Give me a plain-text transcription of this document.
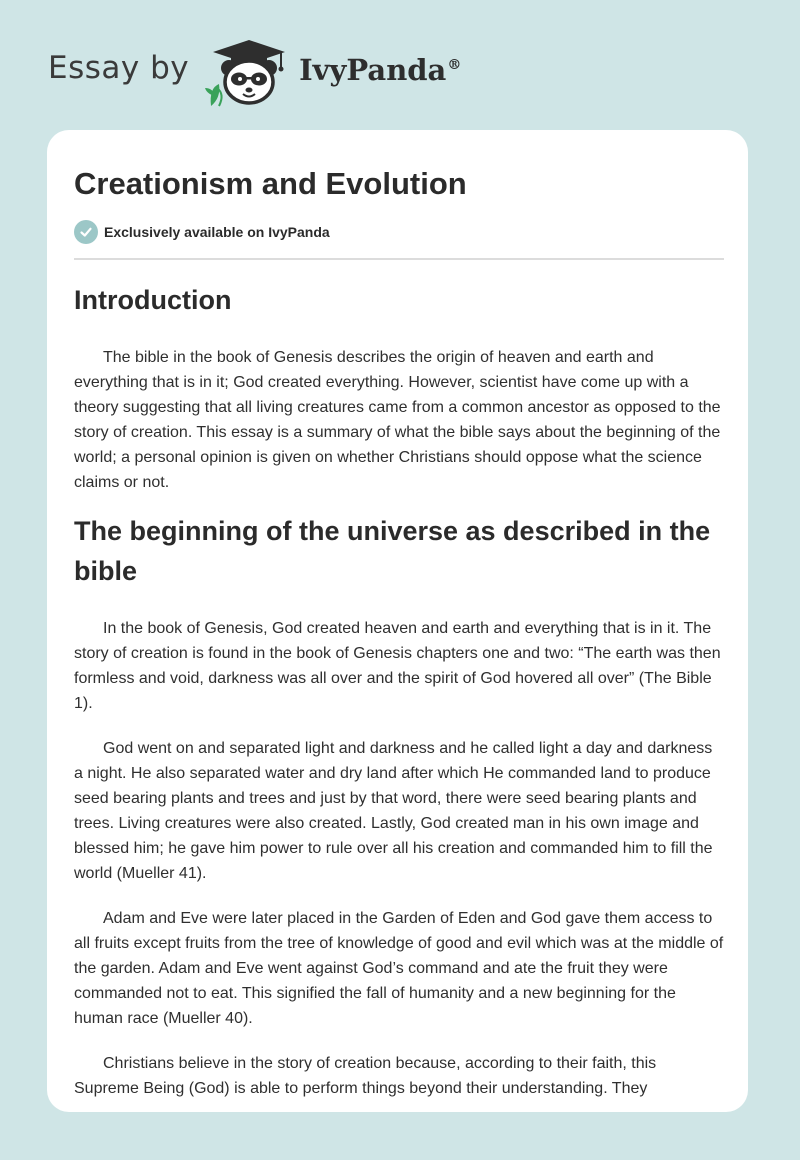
Essay by	IvyPanda®
Creationism and Evolution
Exclusively available on IvyPanda
Introduction

The bible in the book of Genesis describes the origin of heaven and earth and everything that is in it; God created everything. However, scientist have come up with a theory suggesting that all living creatures came from a common ancestor as opposed to the story of creation. This essay is a summary of what the bible says about the beginning of the world; a personal opinion is given on whether Christians should oppose what the science claims or not.

The beginning of the universe as described in the bible

In the book of Genesis, God created heaven and earth and everything that is in it. The story of creation is found in the book of Genesis chapters one and two: “The earth was then formless and void, darkness was all over and the spirit of God hovered all over” (The Bible 1).

God went on and separated light and darkness and he called light a day and darkness a night. He also separated water and dry land after which He commanded land to produce seed bearing plants and trees and just by that word, there were seed bearing plants and trees. Living creatures were also created. Lastly, God created man in his own image and blessed him; he gave him power to rule over all his creation and commanded him to fill the world (Mueller 41).

Adam and Eve were later placed in the Garden of Eden and God gave them access to all fruits except fruits from the tree of knowledge of good and evil which was at the middle of the garden. Adam and Eve went against God’s command and ate the fruit they were commanded not to eat. This signified the fall of humanity and a new beginning for the human race (Mueller 40).

Christians believe in the story of creation because, according to their faith, this Supreme Being (God) is able to perform things beyond their understanding. They
